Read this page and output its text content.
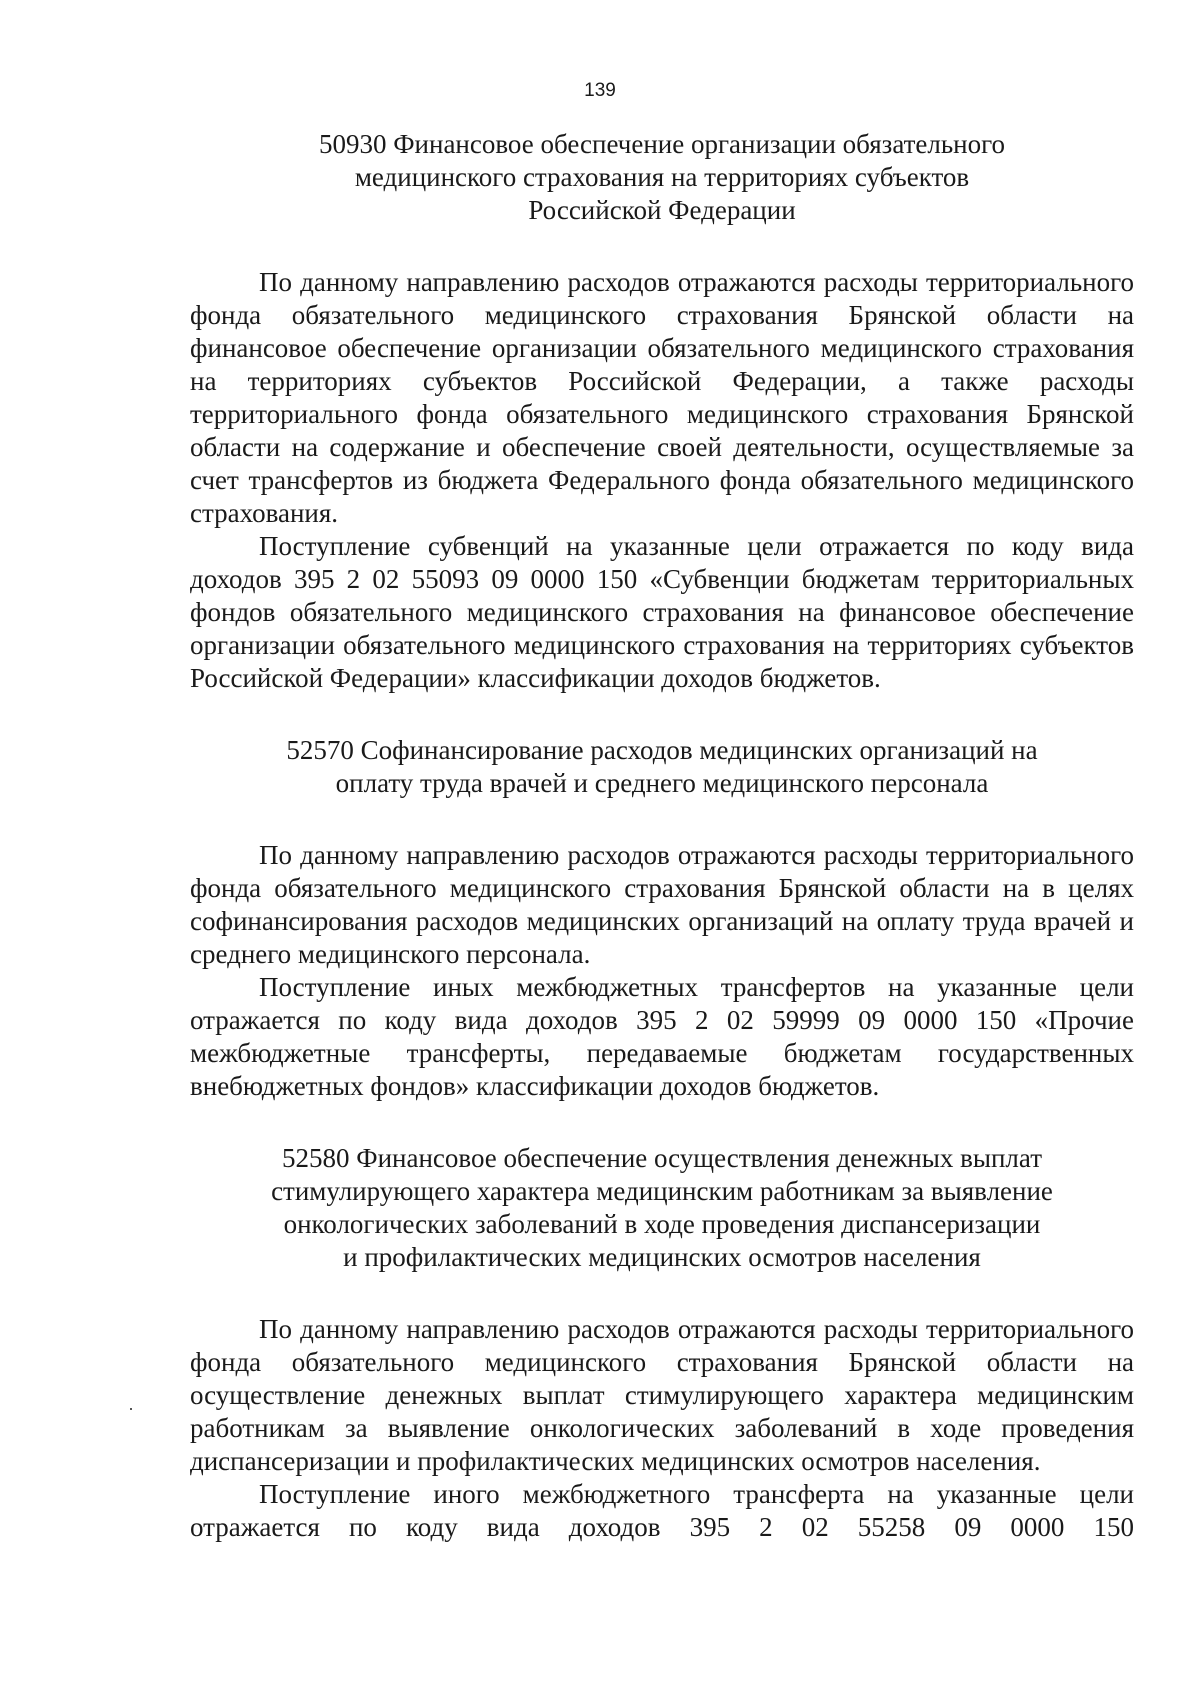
139
50930 Финансовое обеспечение организации обязательного
медицинского страхования на территориях субъектов
Российской Федерации

По данному направлению расходов отражаются расходы территориального фонда обязательного медицинского страхования Брянской области на финансовое обеспечение организации обязательного медицинского страхования на территориях субъектов Российской Федерации, а также расходы территориального фонда обязательного медицинского страхования Брянской области на содержание и обеспечение своей деятельности, осуществляемые за счет трансфертов из бюджета Федерального фонда обязательного медицинского страхования.

Поступление субвенций на указанные цели отражается по коду вида доходов 395 2 02 55093 09 0000 150 «Субвенции бюджетам территориальных фондов обязательного медицинского страхования на финансовое обеспечение организации обязательного медицинского страхования на территориях субъектов Российской Федерации» классификации доходов бюджетов.

52570 Софинансирование расходов медицинских организаций на
оплату труда врачей и среднего медицинского персонала

По данному направлению расходов отражаются расходы территориального фонда обязательного медицинского страхования Брянской области на в целях софинансирования расходов медицинских организаций на оплату труда врачей и среднего медицинского персонала.

Поступление иных межбюджетных трансфертов на указанные цели отражается по коду вида доходов 395 2 02 59999 09 0000 150 «Прочие межбюджетные трансферты, передаваемые бюджетам государственных внебюджетных фондов» классификации доходов бюджетов.

52580 Финансовое обеспечение осуществления денежных выплат
стимулирующего характера медицинским работникам за выявление
онкологических заболеваний в ходе проведения диспансеризации
и профилактических медицинских осмотров населения

По данному направлению расходов отражаются расходы территориального фонда обязательного медицинского страхования Брянской области на осуществление денежных выплат стимулирующего характера медицинским работникам за выявление онкологических заболеваний в ходе проведения диспансеризации и профилактических медицинских осмотров населения.

Поступление иного межбюджетного трансферта на указанные цели отражается по коду вида доходов 395 2 02 55258 09 0000 150
